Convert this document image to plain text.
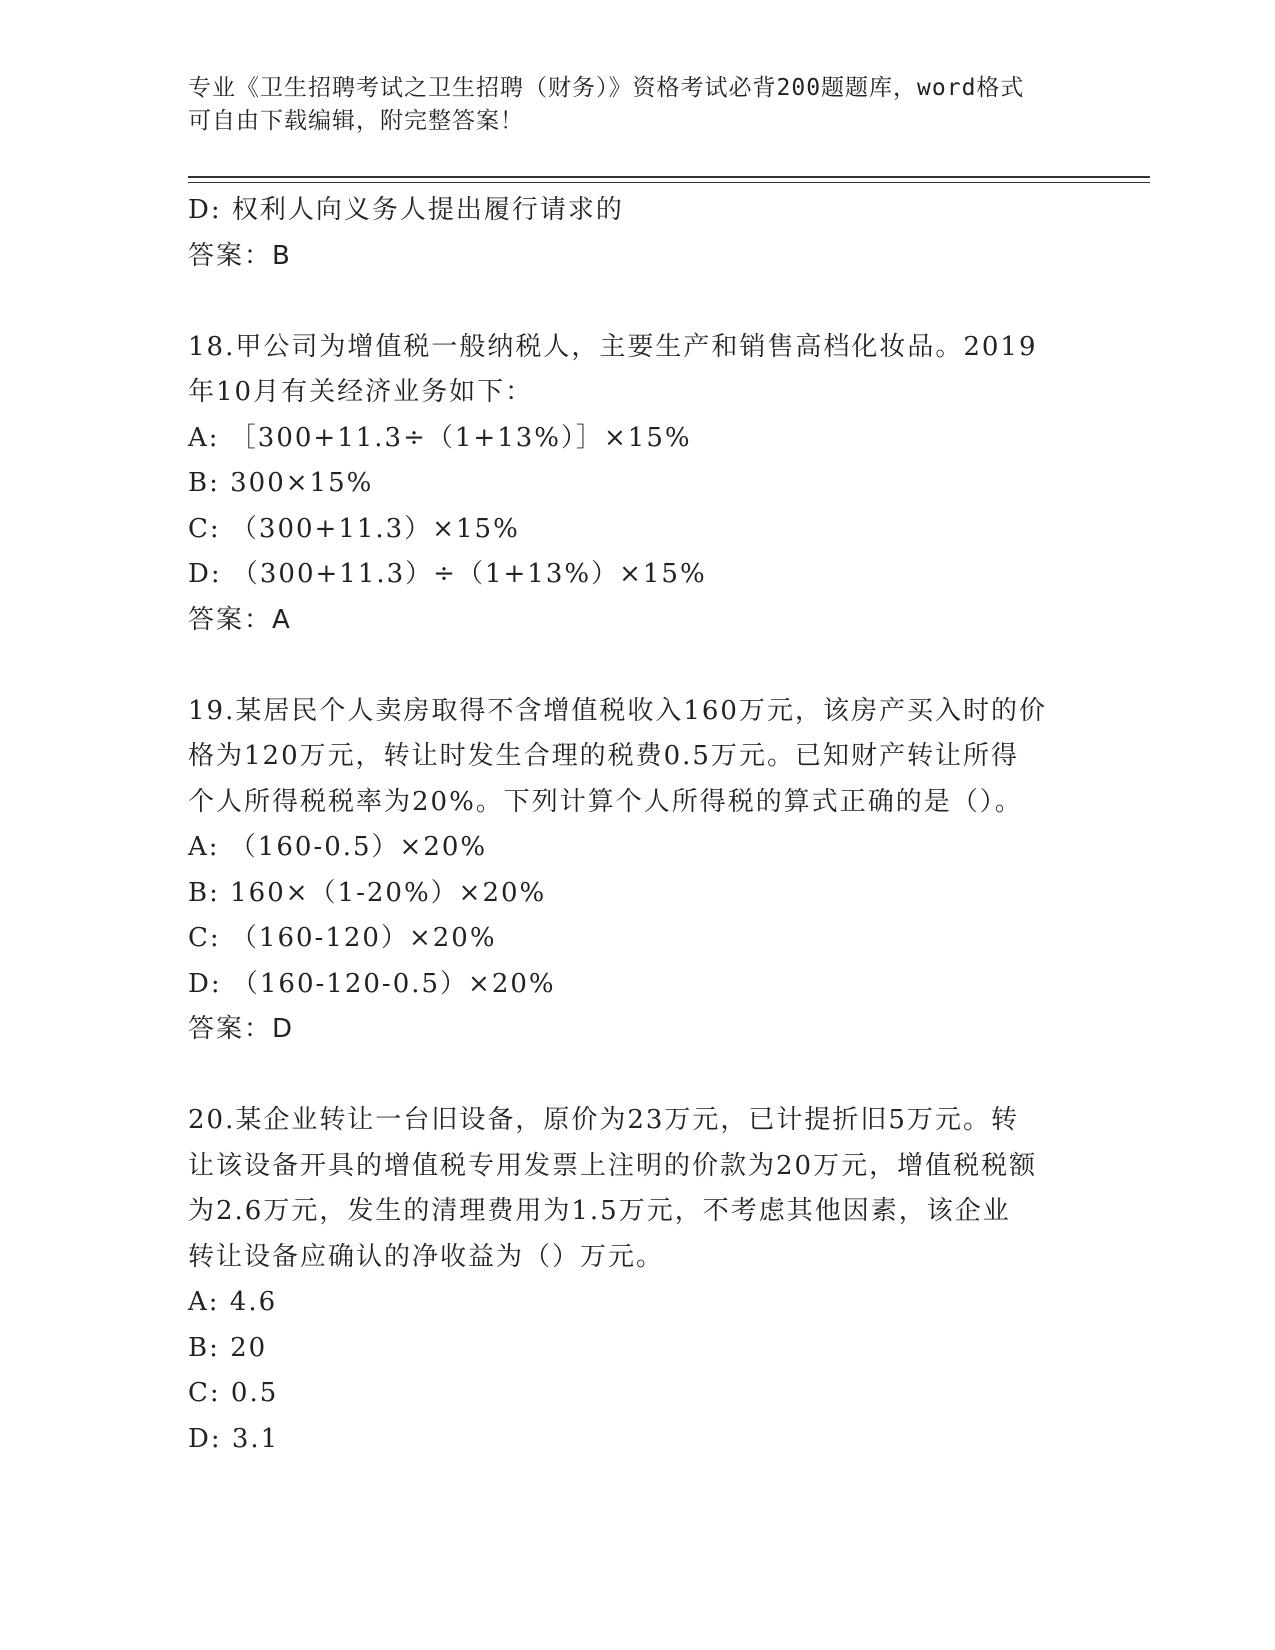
专业《卫生招聘考试之卫生招聘（财务）》资格考试必背200题题库，word格式
可自由下载编辑，附完整答案！
D: 权利人向义务人提出履行请求的
答案：B
18.甲公司为增值税一般纳税人，主要生产和销售高档化妆品。2019
年10月有关经济业务如下：
A: ［300+11.3÷（1+13%）］×15%
B: 300×15%
C: （300+11.3）×15%
D: （300+11.3）÷（1+13%）×15%
答案：A
19.某居民个人卖房取得不含增值税收入160万元，该房产买入时的价
格为120万元，转让时发生合理的税费0.5万元。已知财产转让所得
个人所得税税率为20%。下列计算个人所得税的算式正确的是（）。
A: （160-0.5）×20%
B: 160×（1-20%）×20%
C: （160-120）×20%
D: （160-120-0.5）×20%
答案：D
20.某企业转让一台旧设备，原价为23万元，已计提折旧5万元。转
让该设备开具的增值税专用发票上注明的价款为20万元，增值税税额
为2.6万元，发生的清理费用为1.5万元，不考虑其他因素，该企业
转让设备应确认的净收益为（）万元。
A: 4.6
B: 20
C: 0.5
D: 3.1
